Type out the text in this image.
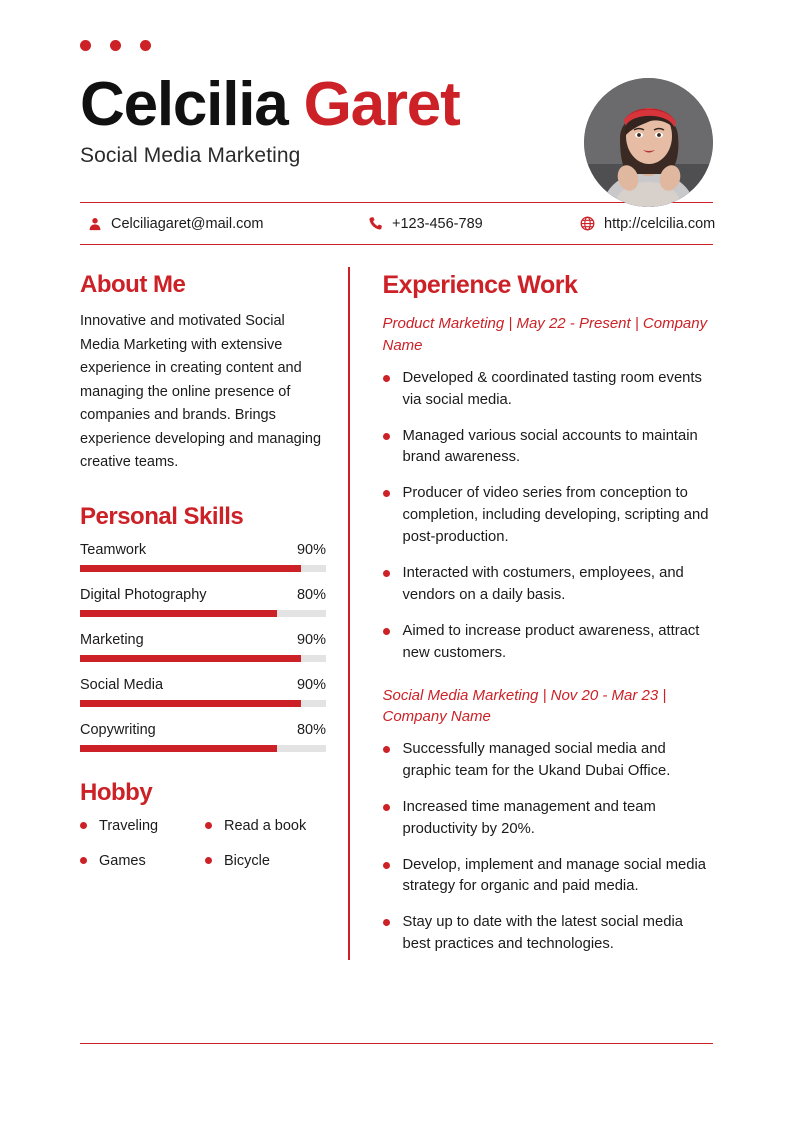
Celcilia Garet
Social Media Marketing
Celciliagaret@mail.com	+123-456-789	http://celcilia.com
About Me

Innovative and motivated Social Media Marketing with extensive experience in creating content and managing the online presence of companies and brands. Brings experience developing and managing creative teams.

Personal Skills
Teamwork	90%
Digital Photography	80%
Marketing	90%
Social Media	90%
Copywriting	80%
Hobby
Traveling	Read a book
Games	Bicycle
Experience Work

Product Marketing | May 22 - Present | Company Name

Developed & coordinated tasting room events via social media.
Managed various social accounts to maintain brand awareness.
Producer of video series from conception to completion, including developing, scripting and post-production.
Interacted with costumers, employees, and vendors on a daily basis.
Aimed to increase product awareness, attract new customers.

Social Media Marketing | Nov 20 - Mar 23 | Company Name

Successfully managed social media and graphic team for the Ukand Dubai Office.
Increased time management and team productivity by 20%.
Develop, implement and manage social media strategy for organic and paid media.
Stay up to date with the latest social media best practices and technologies.
